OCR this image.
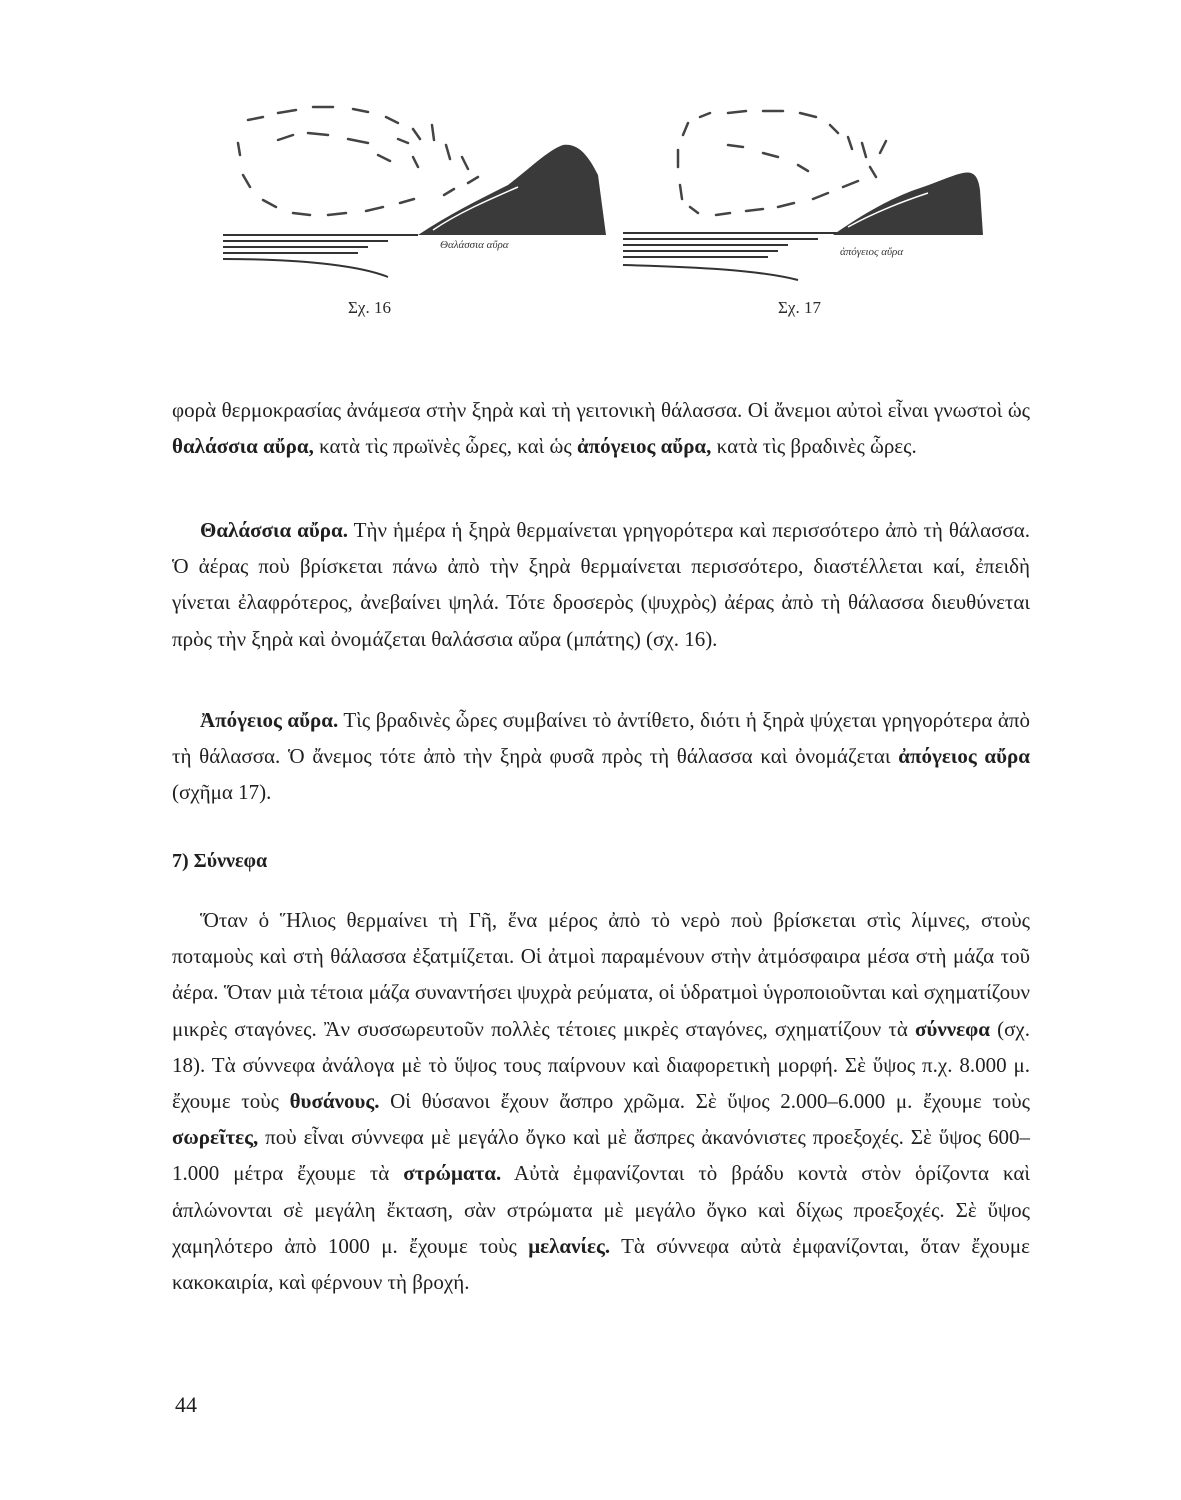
Θαλάσσια αὔρα
ἀπόγειος αὔρα
Σχ. 16	Σχ. 17

φορὰ θερμοκρασίας ἀνάμεσα στὴν ξηρὰ καὶ τὴ γειτονικὴ θάλασσα. Οἱ ἄνεμοι αὐτοὶ εἶναι γνωστοὶ ὡς θαλάσσια αὔρα, κατὰ τὶς πρωϊνὲς ὧρες, καὶ ὡς ἀπόγειος αὔρα, κατὰ τὶς βραδινὲς ὧρες.

Θαλάσσια αὔρα. Τὴν ἡμέρα ἡ ξηρὰ θερμαίνεται γρηγορότερα καὶ περισσότερο ἀπὸ τὴ θάλασσα. Ὁ ἀέρας ποὺ βρίσκεται πάνω ἀπὸ τὴν ξηρὰ θερμαίνεται περισσότερο, διαστέλλεται καί, ἐπειδὴ γίνεται ἐλαφρότερος, ἀνεβαίνει ψηλά. Τότε δροσερὸς (ψυχρὸς) ἀέρας ἀπὸ τὴ θάλασσα διευθύνεται πρὸς τὴν ξηρὰ καὶ ὀνομάζεται θαλάσσια αὔρα (μπάτης) (σχ. 16).

Ἀπόγειος αὔρα. Τὶς βραδινὲς ὧρες συμβαίνει τὸ ἀντίθετο, διότι ἡ ξηρὰ ψύχεται γρηγορότερα ἀπὸ τὴ θάλασσα. Ὁ ἄνεμος τότε ἀπὸ τὴν ξηρὰ φυσᾶ πρὸς τὴ θάλασσα καὶ ὀνομάζεται ἀπόγειος αὔρα (σχῆμα 17).

7) Σύννεφα

Ὅταν ὁ Ἥλιος θερμαίνει τὴ Γῆ, ἕνα μέρος ἀπὸ τὸ νερὸ ποὺ βρίσκεται στὶς λίμνες, στοὺς ποταμοὺς καὶ στὴ θάλασσα ἐξατμίζεται. Οἱ ἀτμοὶ παραμένουν στὴν ἀτμόσφαιρα μέσα στὴ μάζα τοῦ ἀέρα. Ὅταν μιὰ τέτοια μάζα συναντήσει ψυχρὰ ρεύματα, οἱ ὑδρατμοὶ ὑγροποιοῦνται καὶ σχηματίζουν μικρὲς σταγόνες. Ἂν συσσωρευτοῦν πολλὲς τέτοιες μικρὲς σταγόνες, σχηματίζουν τὰ σύννεφα (σχ. 18). Τὰ σύννεφα ἀνάλογα μὲ τὸ ὕψος τους παίρνουν καὶ διαφορετικὴ μορφή. Σὲ ὕψος π.χ. 8.000 μ. ἔχουμε τοὺς θυσάνους. Οἱ θύσανοι ἔχουν ἄσπρο χρῶμα. Σὲ ὕψος 2.000–6.000 μ. ἔχουμε τοὺς σωρεῖτες, ποὺ εἶναι σύννεφα μὲ μεγάλο ὄγκο καὶ μὲ ἄσπρες ἀκανόνιστες προεξοχές. Σὲ ὕψος 600–1.000 μέτρα ἔχουμε τὰ στρώματα. Αὐτὰ ἐμφανίζονται τὸ βράδυ κοντὰ στὸν ὁρίζοντα καὶ ἁπλώνονται σὲ μεγάλη ἔκταση, σὰν στρώματα μὲ μεγάλο ὄγκο καὶ δίχως προεξοχές. Σὲ ὕψος χαμηλότερο ἀπὸ 1000 μ. ἔχουμε τοὺς μελανίες. Τὰ σύννεφα αὐτὰ ἐμφανίζονται, ὅταν ἔχουμε κακοκαιρία, καὶ φέρνουν τὴ βροχή.

44
